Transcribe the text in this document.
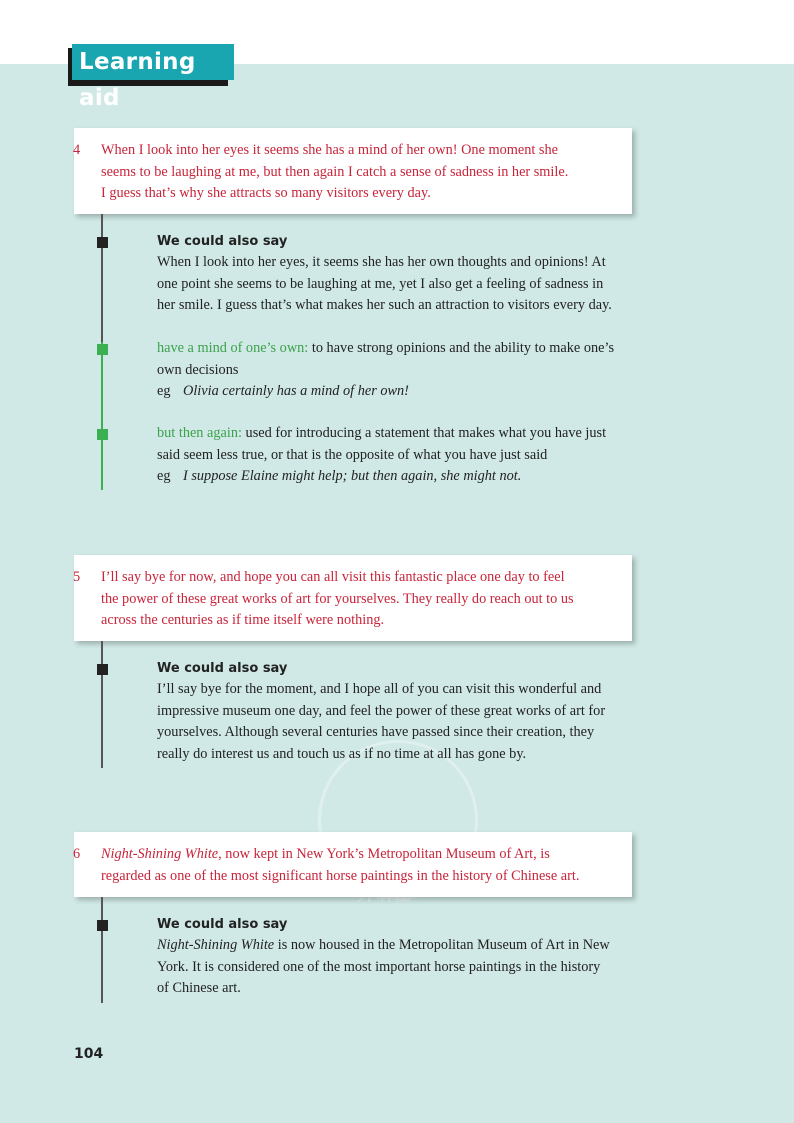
Learning aid
4 When I look into her eyes it seems she has a mind of her own! One moment she
seems to be laughing at me, but then again I catch a sense of sadness in her smile.
I guess that’s why she attracts so many visitors every day.
We could also say
When I look into her eyes, it seems she has her own thoughts and opinions! At
one point she seems to be laughing at me, yet I also get a feeling of sadness in
her smile. I guess that’s what makes her such an attraction to visitors every day.
have a mind of one’s own: to have strong opinions and the ability to make one’s
own decisions
eg Olivia certainly has a mind of her own!
but then again: used for introducing a statement that makes what you have just
said seem less true, or that is the opposite of what you have just said
eg I suppose Elaine might help; but then again, she might not.
5 I’ll say bye for now, and hope you can all visit this fantastic place one day to feel
the power of these great works of art for yourselves. They really do reach out to us
across the centuries as if time itself were nothing.
We could also say
I’ll say bye for the moment, and I hope all of you can visit this wonderful and
impressive museum one day, and feel the power of these great works of art for
yourselves. Although several centuries have passed since their creation, they
really do interest us and touch us as if no time at all has gone by.
6 Night-Shining White, now kept in New York’s Metropolitan Museum of Art, is
regarded as one of the most significant horse paintings in the history of Chinese art.
We could also say
Night-Shining White is now housed in the Metropolitan Museum of Art in New
York. It is considered one of the most important horse paintings in the history
of Chinese art.
104
